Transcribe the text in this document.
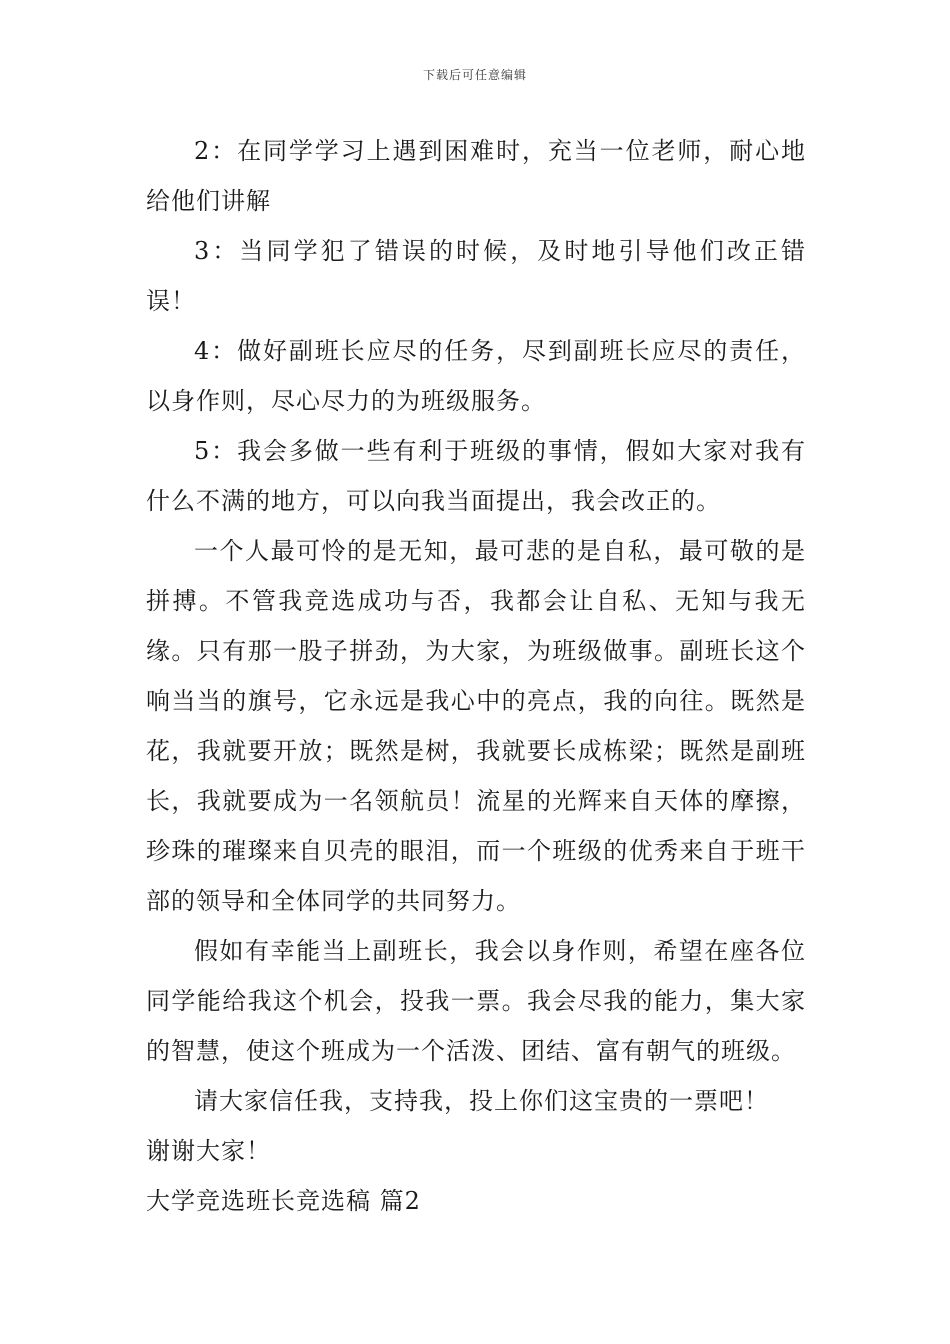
下载后可任意编辑

2：在同学学习上遇到困难时，充当一位老师，耐心地给他们讲解

3：当同学犯了错误的时候，及时地引导他们改正错误！

4：做好副班长应尽的任务，尽到副班长应尽的责任，以身作则，尽心尽力的为班级服务。

5：我会多做一些有利于班级的事情，假如大家对我有什么不满的地方，可以向我当面提出，我会改正的。

一个人最可怜的是无知，最可悲的是自私，最可敬的是拼搏。不管我竞选成功与否，我都会让自私、无知与我无缘。只有那一股子拼劲，为大家，为班级做事。副班长这个响当当的旗号，它永远是我心中的亮点，我的向往。既然是花，我就要开放；既然是树，我就要长成栋梁；既然是副班长，我就要成为一名领航员！流星的光辉来自天体的摩擦，珍珠的璀璨来自贝壳的眼泪，而一个班级的优秀来自于班干部的领导和全体同学的共同努力。

假如有幸能当上副班长，我会以身作则，希望在座各位同学能给我这个机会，投我一票。我会尽我的能力，集大家的智慧，使这个班成为一个活泼、团结、富有朝气的班级。

请大家信任我，支持我，投上你们这宝贵的一票吧！

谢谢大家！

大学竞选班长竞选稿 篇2
